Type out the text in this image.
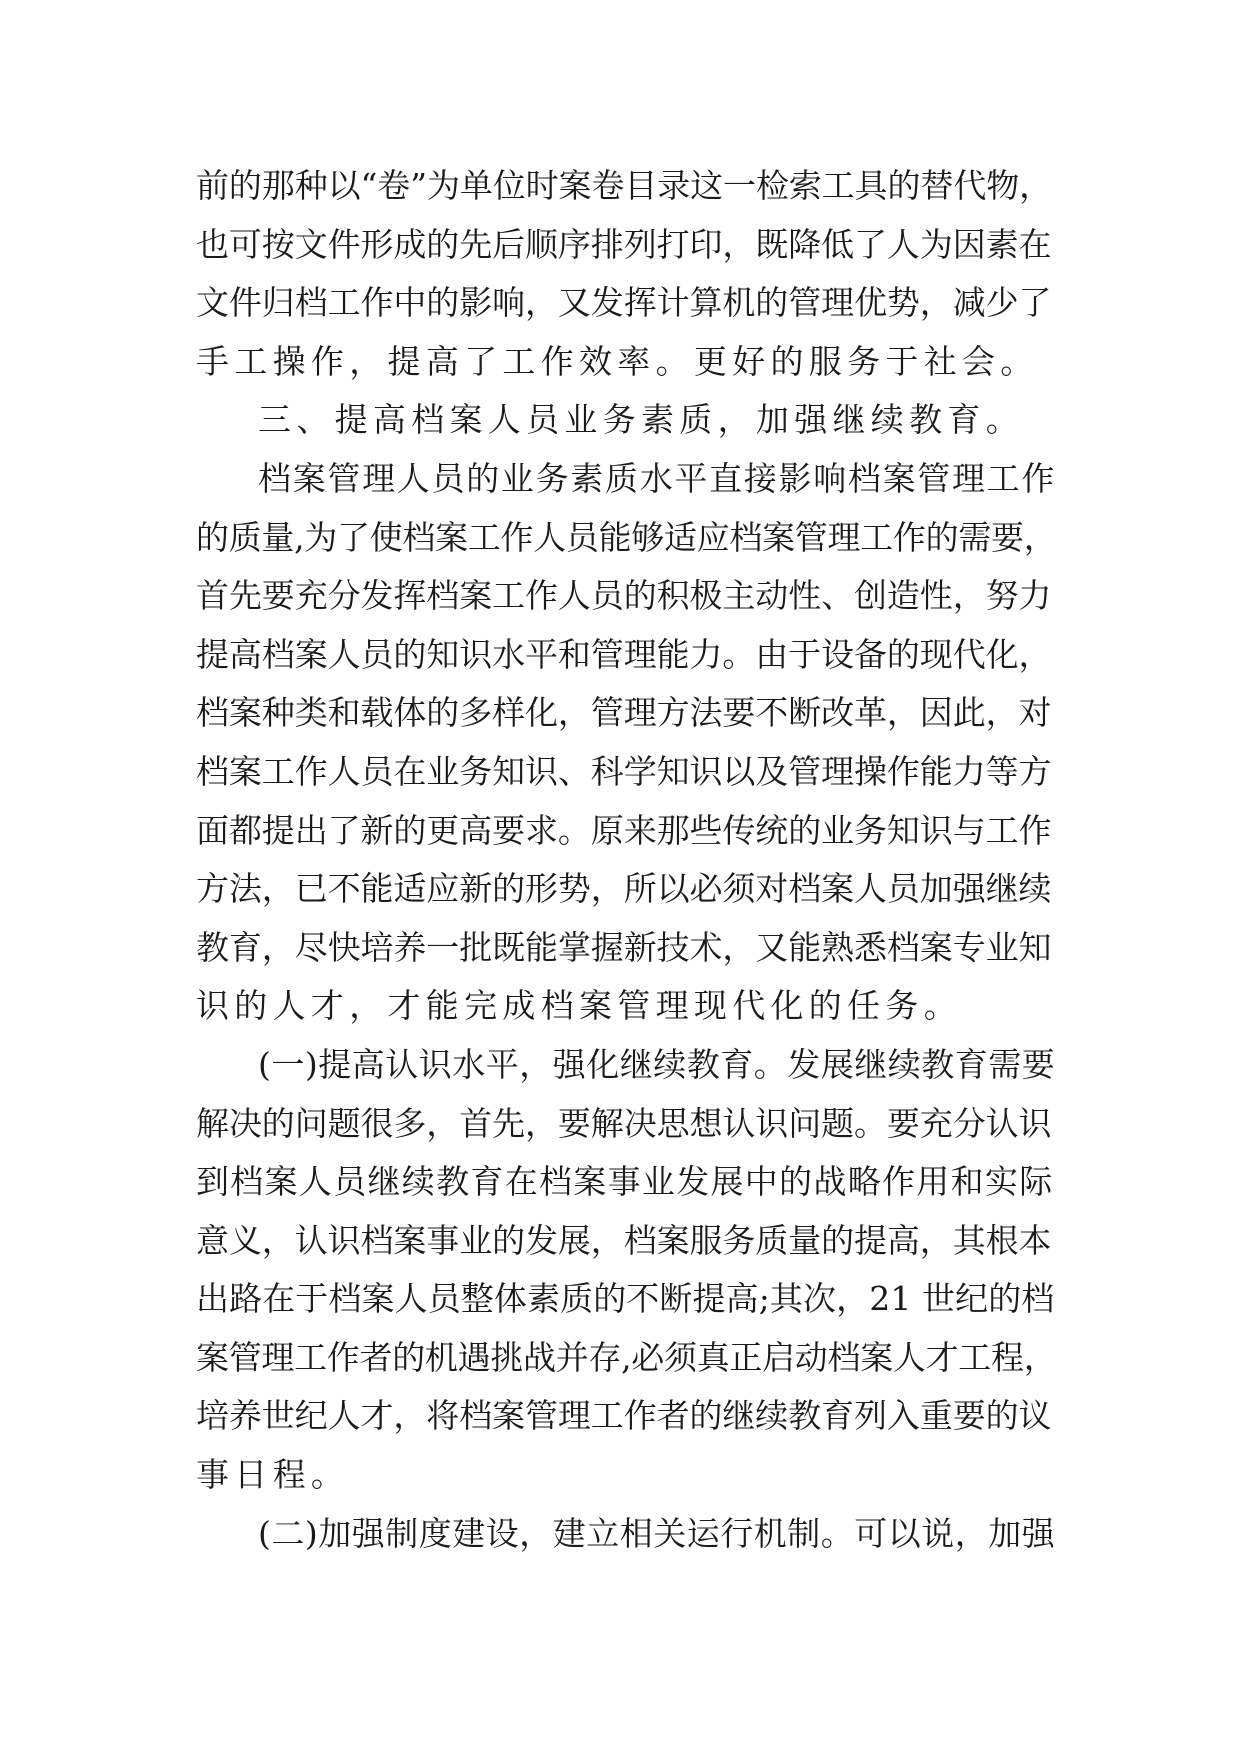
前的那种以“卷”为单位时案卷目录这一检索工具的替代物，
也可按文件形成的先后顺序排列打印，既降低了人为因素在
文件归档工作中的影响，又发挥计算机的管理优势，减少了
手工操作，提高了工作效率。更好的服务于社会。
三、提高档案人员业务素质，加强继续教育。
档案管理人员的业务素质水平直接影响档案管理工作
的质量,为了使档案工作人员能够适应档案管理工作的需要，
首先要充分发挥档案工作人员的积极主动性、创造性，努力
提高档案人员的知识水平和管理能力。由于设备的现代化，
档案种类和载体的多样化，管理方法要不断改革，因此，对
档案工作人员在业务知识、科学知识以及管理操作能力等方
面都提出了新的更高要求。原来那些传统的业务知识与工作
方法，已不能适应新的形势，所以必须对档案人员加强继续
教育，尽快培养一批既能掌握新技术，又能熟悉档案专业知
识的人才，才能完成档案管理现代化的任务。
(一)提高认识水平，强化继续教育。发展继续教育需要
解决的问题很多，首先，要解决思想认识问题。要充分认识
到档案人员继续教育在档案事业发展中的战略作用和实际
意义，认识档案事业的发展，档案服务质量的提高，其根本
出路在于档案人员整体素质的不断提高;其次，21 世纪的档
案管理工作者的机遇挑战并存,必须真正启动档案人才工程，
培养世纪人才，将档案管理工作者的继续教育列入重要的议
事日程。
(二)加强制度建设，建立相关运行机制。可以说，加强
